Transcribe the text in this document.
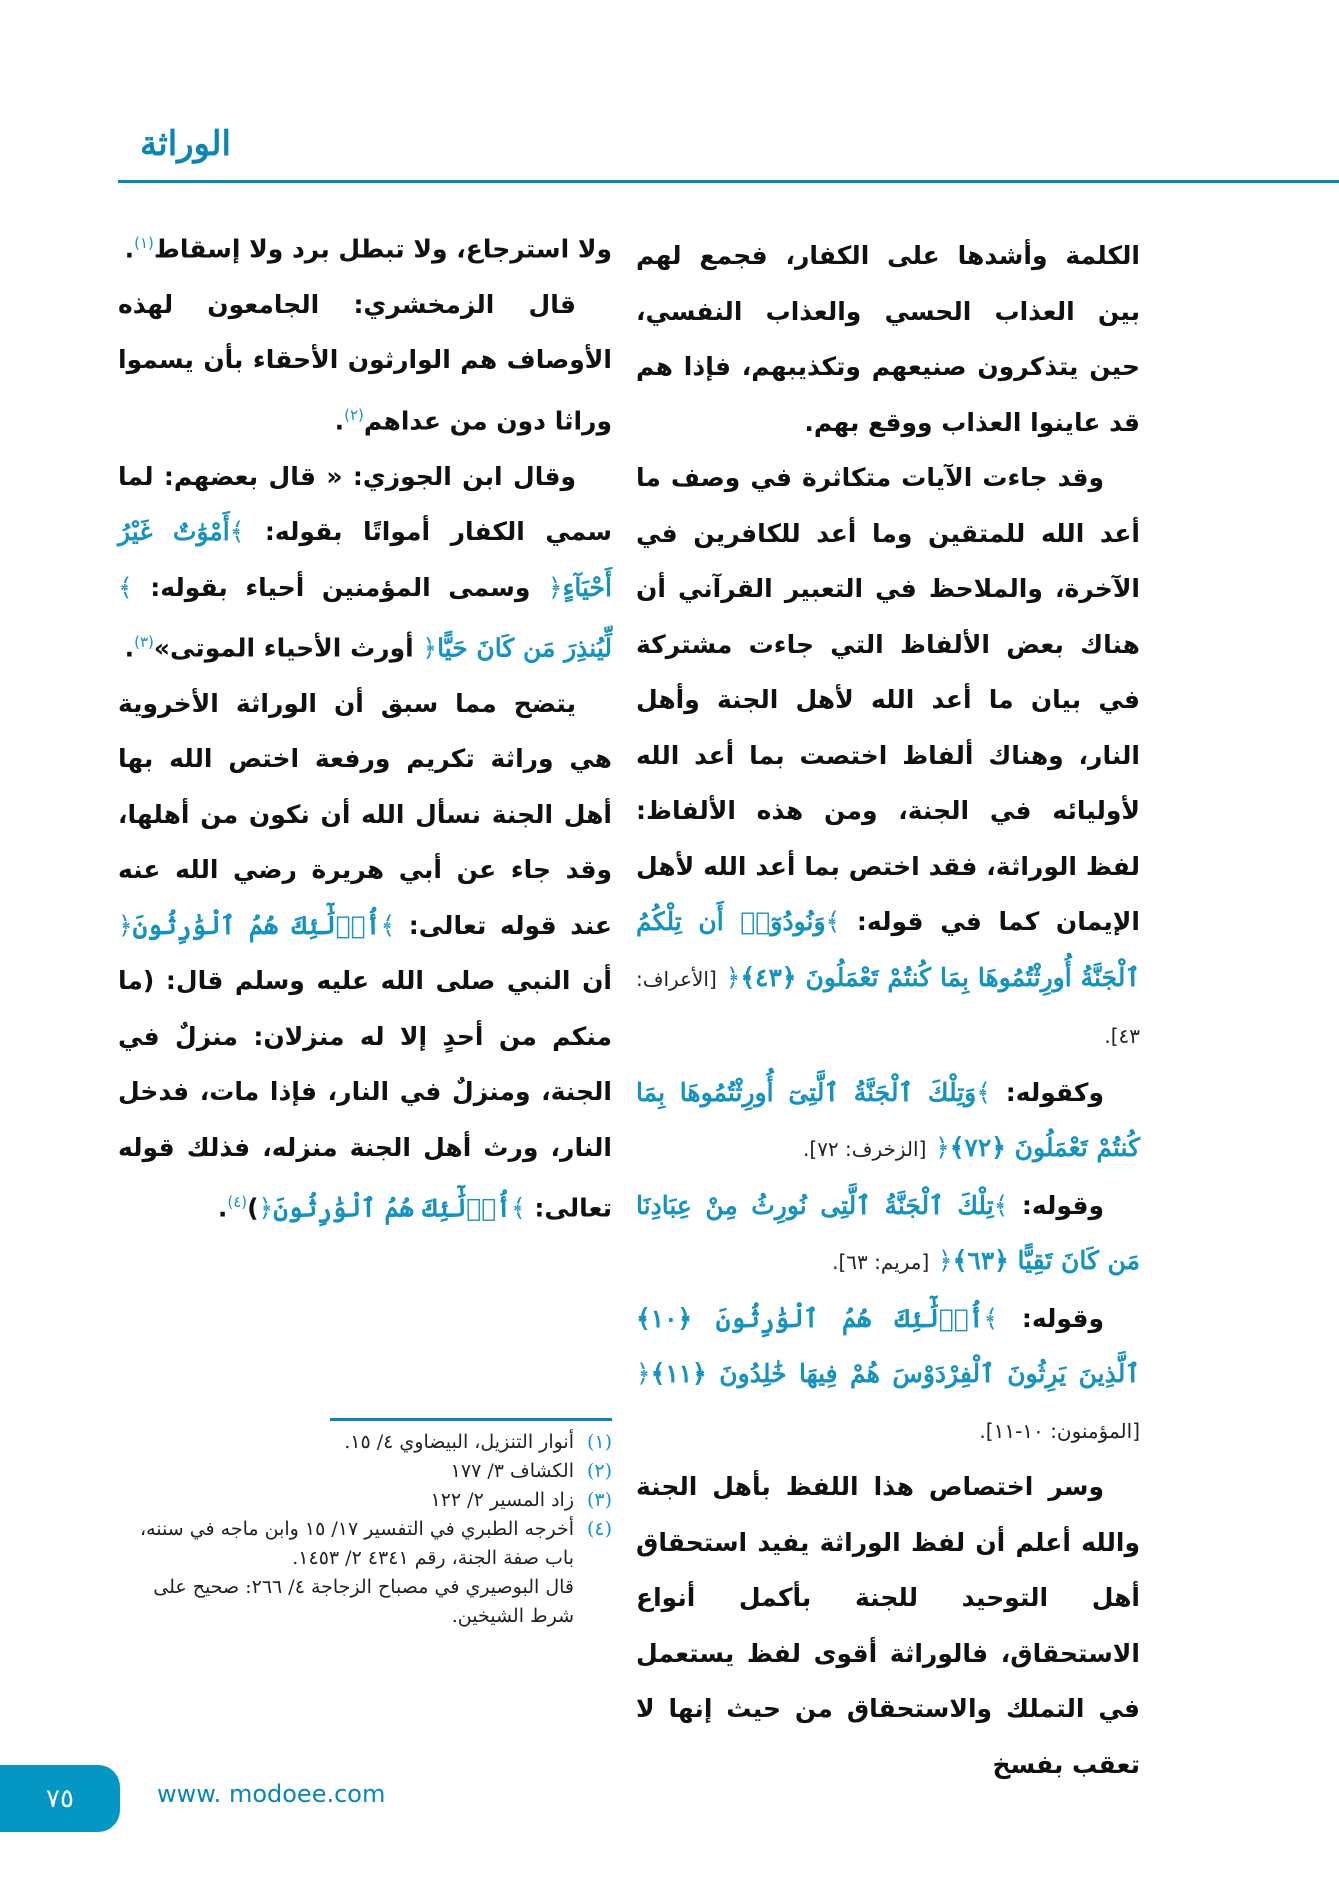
الوراثة

الكلمة وأشدها على الكفار، فجمع لهم بين العذاب الحسي والعذاب النفسي، حين يتذكرون صنيعهم وتكذيبهم، فإذا هم قد عاينوا العذاب ووقع بهم.

وقد جاءت الآيات متكاثرة في وصف ما أعد الله للمتقين وما أعد للكافرين في الآخرة، والملاحظ في التعبير القرآني أن هناك بعض الألفاظ التي جاءت مشتركة في بيان ما أعد الله لأهل الجنة وأهل النار، وهناك ألفاظ اختصت بما أعد الله لأوليائه في الجنة، ومن هذه الألفاظ: لفظ الوراثة، فقد اختص بما أعد الله لأهل الإيمان كما في قوله: ﴾وَنُودُوٓا۟ أَن تِلْكُمُ ٱلْجَنَّةُ أُورِثْتُمُوهَا بِمَا كُنتُمْ تَعْمَلُونَ ﴿٤٣﴾﴿ [الأعراف: ٤٣].

وكقوله: ﴾وَتِلْكَ ٱلْجَنَّةُ ٱلَّتِىٓ أُورِثْتُمُوهَا بِمَا كُنتُمْ تَعْمَلُونَ ﴿٧٢﴾﴿ [الزخرف: ٧٢].

وقوله: ﴾تِلْكَ ٱلْجَنَّةُ ٱلَّتِى نُورِثُ مِنْ عِبَادِنَا مَن كَانَ تَقِيًّا ﴿٦٣﴾﴿ [مريم: ٦٣].

وقوله: ﴾أُو۟لَٰٓئِكَ هُمُ ٱلْوَٰرِثُونَ ﴿١٠﴾ ٱلَّذِينَ يَرِثُونَ ٱلْفِرْدَوْسَ هُمْ فِيهَا خَٰلِدُونَ ﴿١١﴾﴿ [المؤمنون: ١٠-١١].

وسر اختصاص هذا اللفظ بأهل الجنة والله أعلم أن لفظ الوراثة يفيد استحقاق أهل التوحيد للجنة بأكمل أنواع الاستحقاق، فالوراثة أقوى لفظ يستعمل في التملك والاستحقاق من حيث إنها لا تعقب بفسخ

ولا استرجاع، ولا تبطل برد ولا إسقاط$^{(١)}$.

قال الزمخشري: الجامعون لهذه الأوصاف هم الوارثون الأحقاء بأن يسموا وراثا دون من عداهم$^{(٢)}$.

وقال ابن الجوزي: « قال بعضهم: لما سمي الكفار أمواتًا بقوله: ﴾أَمْوَٰتٌ غَيْرُ أَحْيَآءٍ﴿ وسمى المؤمنين أحياء بقوله: ﴾لِّيُنذِرَ مَن كَانَ حَيًّا﴿ أورث الأحياء الموتى»$^{(٣)}$.

يتضح مما سبق أن الوراثة الأخروية هي وراثة تكريم ورفعة اختص الله بها أهل الجنة نسأل الله أن نكون من أهلها، وقد جاء عن أبي هريرة رضي الله عنه عند قوله تعالى: ﴾أُو۟لَٰٓئِكَ هُمُ ٱلْوَٰرِثُونَ﴿ أن النبي صلى الله عليه وسلم قال: (ما منكم من أحدٍ إلا له منزلان: منزلٌ في الجنة، ومنزلٌ في النار، فإذا مات، فدخل النار، ورث أهل الجنة منزله، فذلك قوله تعالى: ﴾أُو۟لَٰٓئِكَ هُمُ ٱلْوَٰرِثُونَ﴿)$^{(٤)}$.

(١)
أنوار التنزيل، البيضاوي ٤/ ١٥.
(٢)
الكشاف ٣/ ١٧٧
(٣)
زاد المسير ٢/ ١٢٢
(٤)
أخرجه الطبري في التفسير ١٧/ ١٥ وابن ماجه في سننه، باب صفة الجنة، رقم ٤٣٤١ ٢/ ١٤٥٣.
قال البوصيري في مصباح الزجاجة ٤/ ٢٦٦: صحيح على شرط الشيخين.
٧٥	www. modoee.com
